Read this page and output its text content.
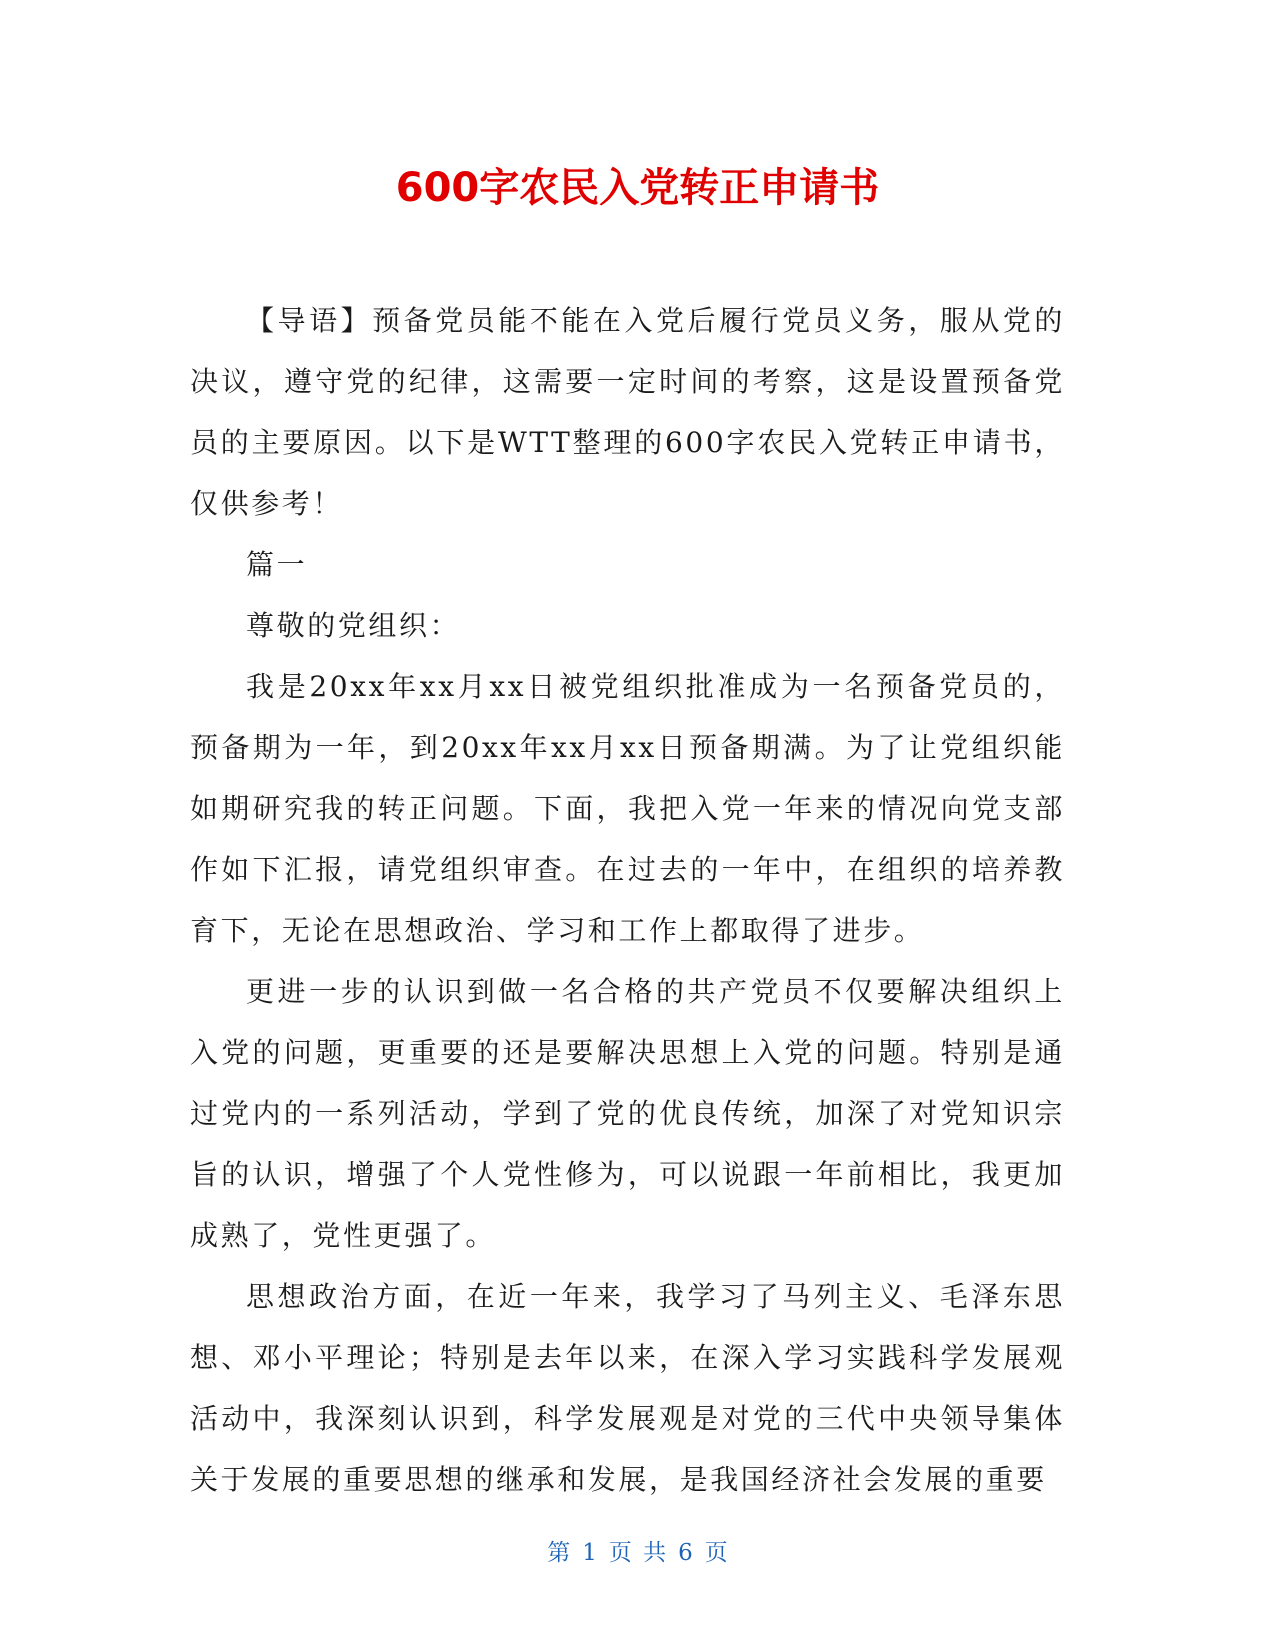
600字农民入党转正申请书

【导语】预备党员能不能在入党后履行党员义务，服从党的决议，遵守党的纪律，这需要一定时间的考察，这是设置预备党员的主要原因。以下是WTT整理的600字农民入党转正申请书，仅供参考！

篇一

尊敬的党组织：

我是20xx年xx月xx日被党组织批准成为一名预备党员的，预备期为一年，到20xx年xx月xx日预备期满。为了让党组织能如期研究我的转正问题。下面，我把入党一年来的情况向党支部作如下汇报，请党组织审查。在过去的一年中，在组织的培养教育下，无论在思想政治、学习和工作上都取得了进步。

更进一步的认识到做一名合格的共产党员不仅要解决组织上入党的问题，更重要的还是要解决思想上入党的问题。特别是通过党内的一系列活动，学到了党的优良传统，加深了对党知识宗旨的认识，增强了个人党性修为，可以说跟一年前相比，我更加成熟了，党性更强了。

思想政治方面，在近一年来，我学习了马列主义、毛泽东思想、邓小平理论；特别是去年以来，在深入学习实践科学发展观活动中，我深刻认识到，科学发展观是对党的三代中央领导集体关于发展的重要思想的继承和发展，是我国经济社会发展的重要

第 1 页 共 6 页
